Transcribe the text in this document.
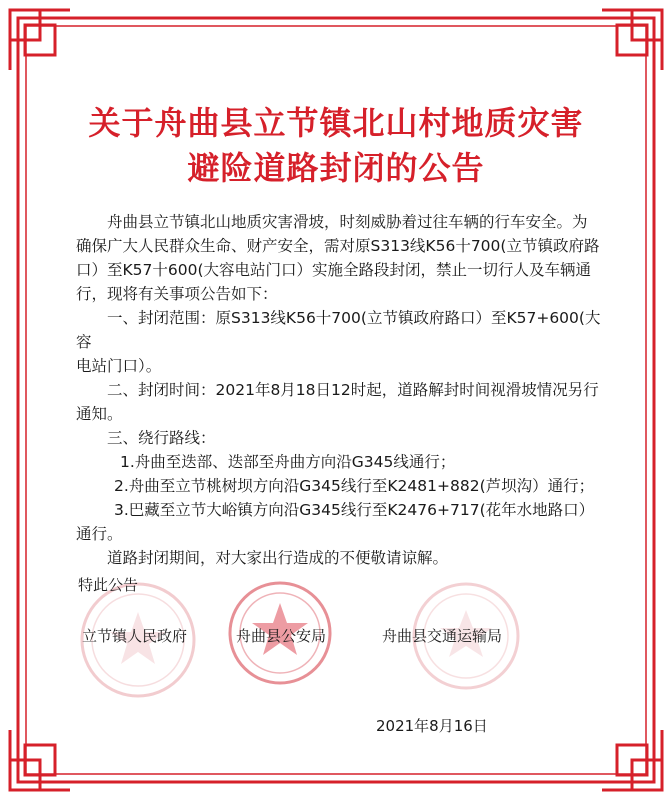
关于舟曲县立节镇北山村地质灾害
避险道路封闭的公告

舟曲县立节镇北山地质灾害滑坡，时刻威胁着过往车辆的行车安全。为

确保广大人民群众生命、财产安全，需对原S313线K56十700(立节镇政府路

口）至K57十600(大容电站门口）实施全路段封闭，禁止一切行人及车辆通

行，现将有关事项公告如下：

一、封闭范围：原S313线K56十700(立节镇政府路口）至K57+600(大容

电站门口）。

二、封闭时间：2021年8月18日12时起，道路解封时间视滑坡情况另行

通知。

三、绕行路线：

1.舟曲至迭部、迭部至舟曲方向沿G345线通行；

2.舟曲至立节桃树坝方向沿G345线行至K2481+882(芦坝沟）通行；

3.巴藏至立节大峪镇方向沿G345线行至K2476+717(花年水地路口）

通行。

道路封闭期间，对大家出行造成的不便敬请谅解。

特此公告
立节镇人民政府	舟曲县公安局	舟曲县交通运输局
2021年8月16日
